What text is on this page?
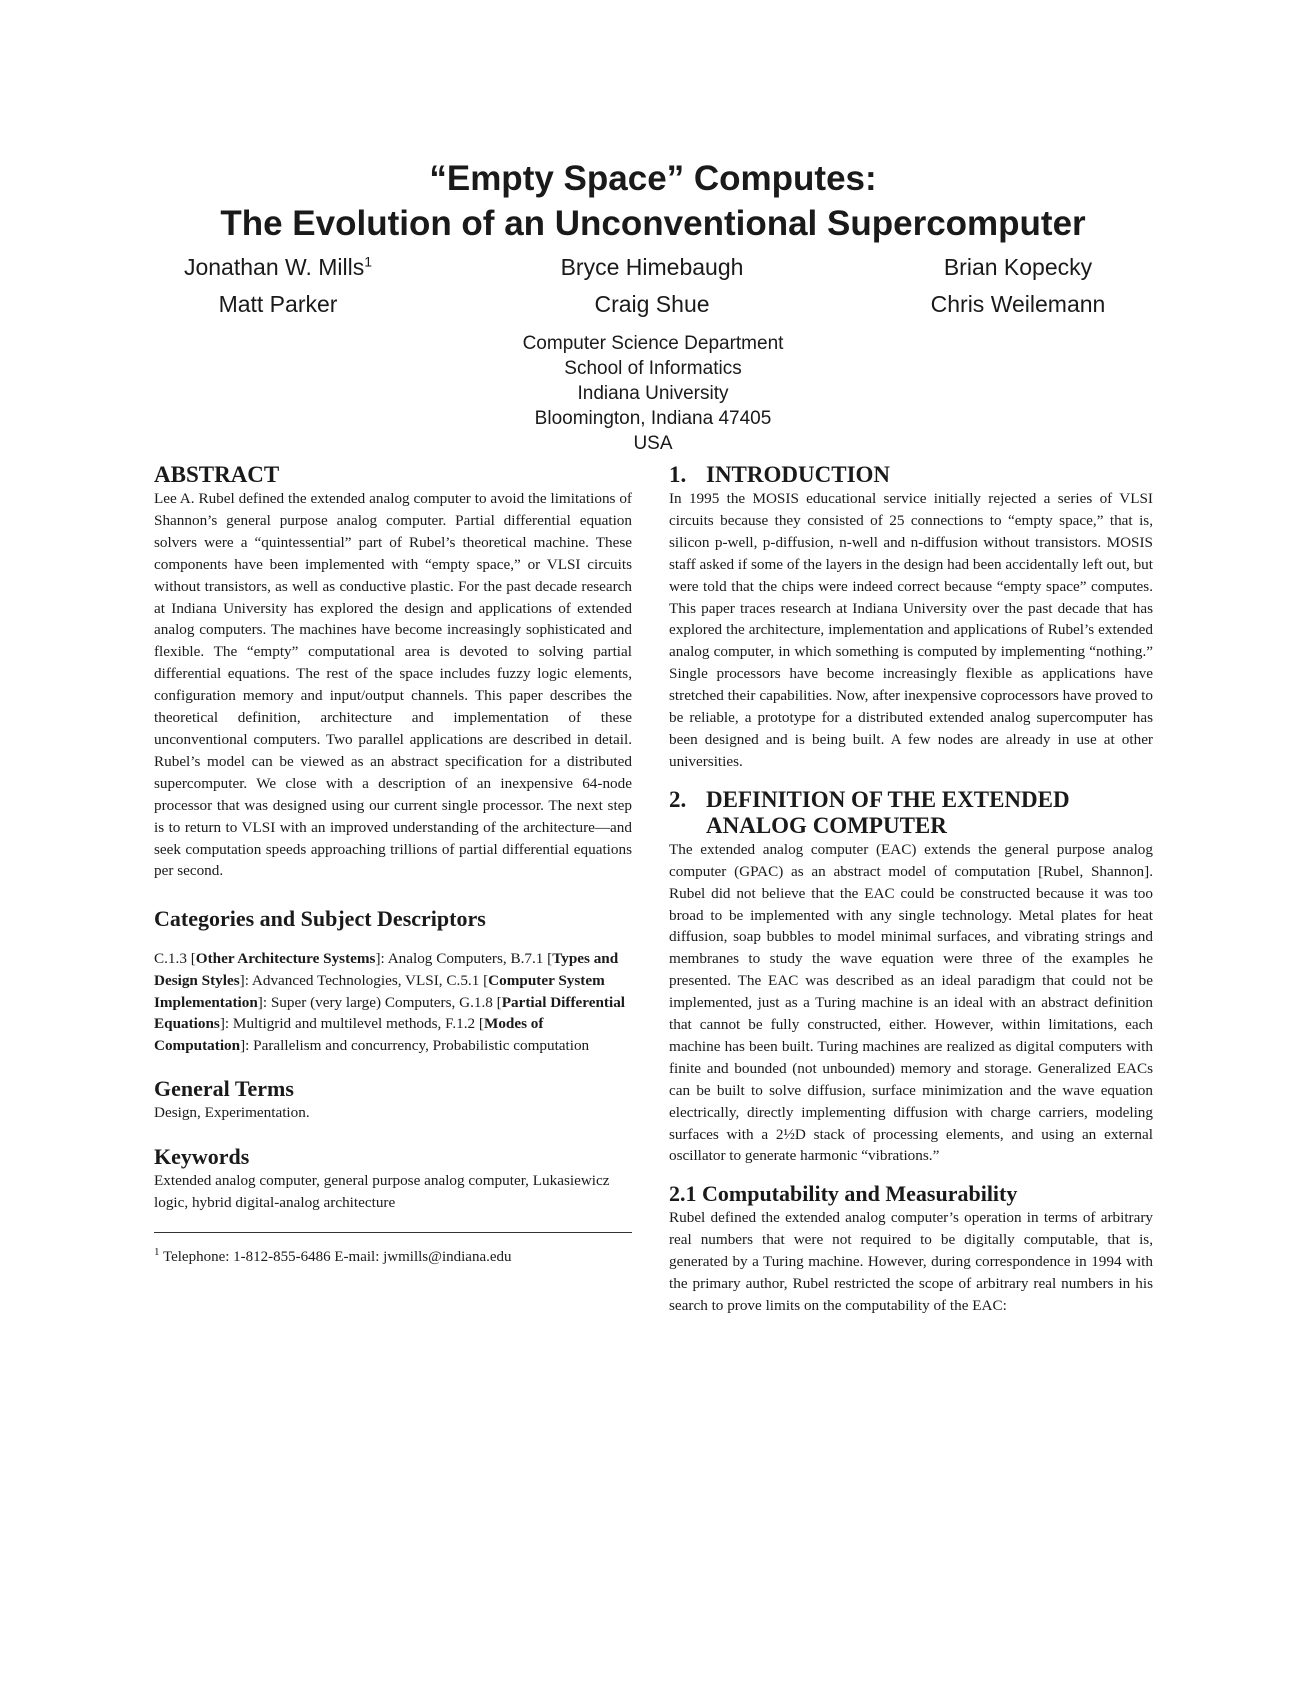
“Empty Space” Computes:
The Evolution of an Unconventional Supercomputer
Jonathan W. Mills$^1$	Bryce Himebaugh	Brian Kopecky
Matt Parker	Craig Shue	Chris Weilemann
Computer Science Department
School of Informatics
Indiana University
Bloomington, Indiana 47405
USA
ABSTRACT

Lee A. Rubel defined the extended analog computer to avoid the limitations of Shannon’s general purpose analog computer. Partial differential equation solvers were a “quintessential” part of Rubel’s theoretical machine. These components have been implemented with “empty space,” or VLSI circuits without transistors, as well as conductive plastic. For the past decade research at Indiana University has explored the design and applications of extended analog computers. The machines have become increasingly sophisticated and flexible. The “empty” computational area is devoted to solving partial differential equations. The rest of the space includes fuzzy logic elements, configuration memory and input/output channels. This paper describes the theoretical definition, architecture and implementation of these unconventional computers. Two parallel applications are described in detail. Rubel’s model can be viewed as an abstract specification for a distributed supercomputer. We close with a description of an inexpensive 64-node processor that was designed using our current single processor. The next step is to return to VLSI with an improved understanding of the architecture—and seek computation speeds approaching trillions of partial differential equations per second.

Categories and Subject Descriptors

C.1.3 [Other Architecture Systems]: Analog Computers, B.7.1 [Types and Design Styles]: Advanced Technologies, VLSI, C.5.1 [Computer System Implementation]: Super (very large) Computers, G.1.8 [Partial Differential Equations]: Multigrid and multilevel methods, F.1.2 [Modes of Computation]: Parallelism and concurrency, Probabilistic computation

General Terms

Design, Experimentation.

Keywords

Extended analog computer, general purpose analog computer, Lukasiewicz logic, hybrid digital-analog architecture

$^1$ Telephone: 1-812-855-6486 E-mail: jwmills@indiana.edu
1. INTRODUCTION

In 1995 the MOSIS educational service initially rejected a series of VLSI circuits because they consisted of 25 connections to “empty space,” that is, silicon p-well, p-diffusion, n-well and n-diffusion without transistors. MOSIS staff asked if some of the layers in the design had been accidentally left out, but were told that the chips were indeed correct because “empty space” computes. This paper traces research at Indiana University over the past decade that has explored the architecture, implementation and applications of Rubel’s extended analog computer, in which something is computed by implementing “nothing.” Single processors have become increasingly flexible as applications have stretched their capabilities. Now, after inexpensive coprocessors have proved to be reliable, a prototype for a distributed extended analog supercomputer has been designed and is being built. A few nodes are already in use at other universities.

2. DEFINITION OF THE EXTENDED
ANALOG COMPUTER

The extended analog computer (EAC) extends the general purpose analog computer (GPAC) as an abstract model of computation [Rubel, Shannon]. Rubel did not believe that the EAC could be constructed because it was too broad to be implemented with any single technology. Metal plates for heat diffusion, soap bubbles to model minimal surfaces, and vibrating strings and membranes to study the wave equation were three of the examples he presented. The EAC was described as an ideal paradigm that could not be implemented, just as a Turing machine is an ideal with an abstract definition that cannot be fully constructed, either. However, within limitations, each machine has been built. Turing machines are realized as digital computers with finite and bounded (not unbounded) memory and storage. Generalized EACs can be built to solve diffusion, surface minimization and the wave equation electrically, directly implementing diffusion with charge carriers, modeling surfaces with a 2½D stack of processing elements, and using an external oscillator to generate harmonic “vibrations.”

2.1 Computability and Measurability

Rubel defined the extended analog computer’s operation in terms of arbitrary real numbers that were not required to be digitally computable, that is, generated by a Turing machine. However, during correspondence in 1994 with the primary author, Rubel restricted the scope of arbitrary real numbers in his search to prove limits on the computability of the EAC:
